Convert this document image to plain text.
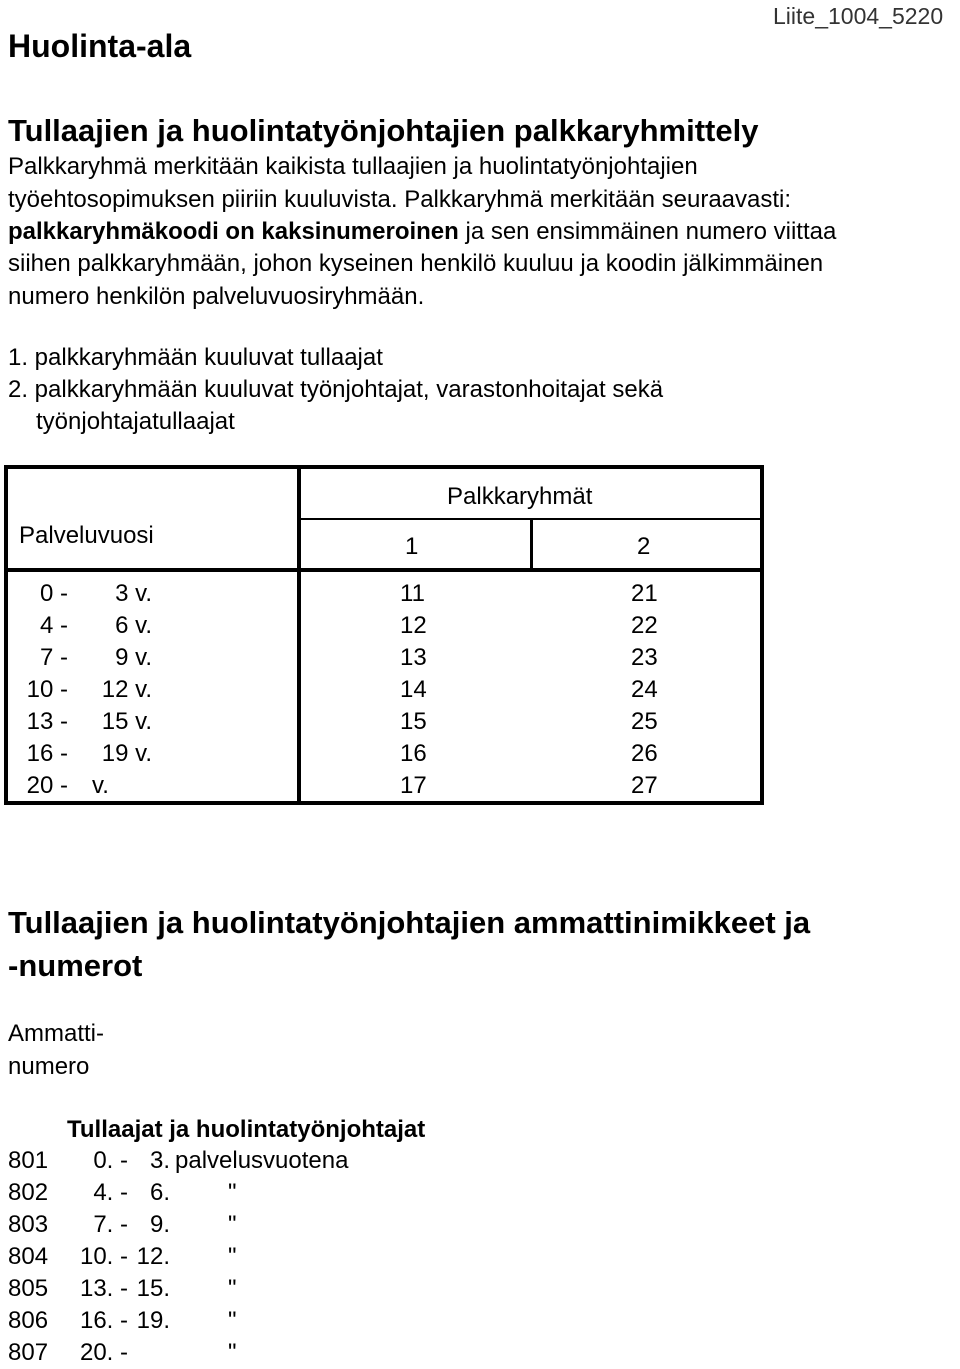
Huolinta-ala
Liite_1004_5220
Tullaajien ja huolintatyönjohtajien palkkaryhmittely
Palkkaryhmä merkitään kaikista tullaajien ja huolintatyönjohtajien
työehtosopimuksen piiriin kuuluvista. Palkkaryhmä merkitään seuraavasti:
palkkaryhmäkoodi on kaksinumeroinen ja sen ensimmäinen numero viittaa
siihen palkkaryhmään, johon kyseinen henkilö kuuluu ja koodin jälkimmäinen
numero henkilön palveluvuosiryhmään.
1. palkkaryhmään kuuluvat tullaajat
2. palkkaryhmään kuuluvat työnjohtajat, varastonhoitajat sekä
työnjohtajatullaajat
Palkkaryhmät
Palveluvuosi	1	2
0 -
4 -
7 -
10 -
13 -
16 -
20 -
3 v.
6 v.
9 v.
12 v.
15 v.
19 v.
v.
11
12
13
14
15
16
17
21
22
23
24
25
26
27
Tullaajien ja huolintatyönjohtajien ammattinimikkeet ja
-numerot
Ammatti-
numero
Tullaajat ja huolintatyönjohtajat
801
802
803
804
805
806
807
0. -
4. -
7. -
10. -
13. -
16. -
20. -
3.
6.
9.
12.
15.
19.

palvelusvuotena
"
"
"
"
"
"
